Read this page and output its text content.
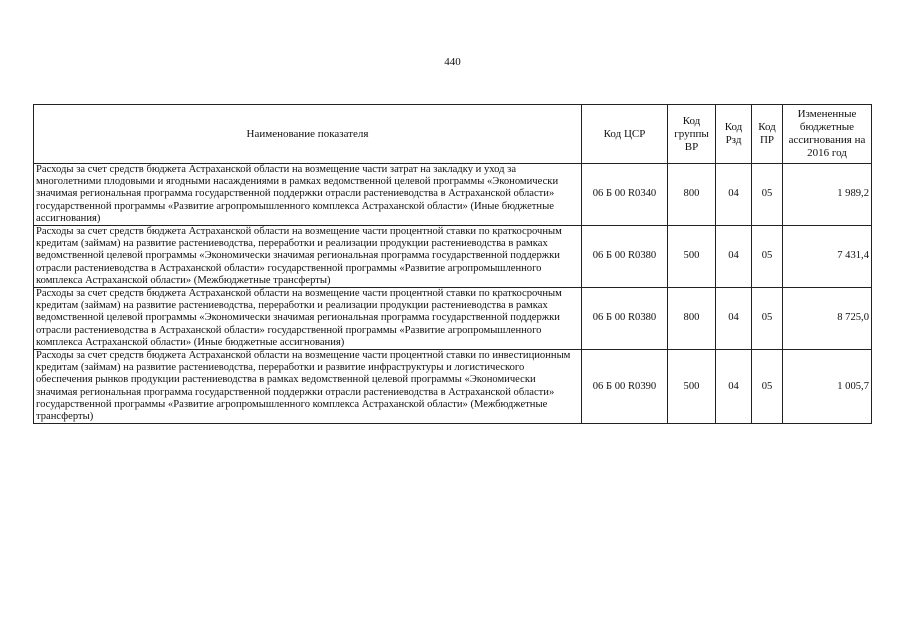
440
Наименование показателя	Код ЦСР	Код группы ВР	Код Рзд	Код ПР	Измененные бюджетные ассигнования на 2016 год
Расходы за счет средств бюджета Астраханской области на возмещение части затрат на закладку и уход за многолетними плодовыми и ягодными насаждениями в рамках ведомственной целевой программы «Экономически значимая региональная программа государственной поддержки отрасли растениеводства в Астраханской области» государственной программы «Развитие агропромышленного комплекса Астраханской области» (Иные бюджетные ассигнования)	06 Б 00 R0340	800	04	05	1 989,2
Расходы за счет средств бюджета Астраханской области на возмещение части процентной ставки по краткосрочным кредитам (займам) на развитие растениеводства, переработки и реализации продукции растениеводства в рамках ведомственной целевой программы «Экономически значимая региональная программа государственной поддержки отрасли растениеводства в Астраханской области» государственной программы «Развитие агропромышленного комплекса Астраханской области» (Межбюджетные трансферты)	06 Б 00 R0380	500	04	05	7 431,4
Расходы за счет средств бюджета Астраханской области на возмещение части процентной ставки по краткосрочным кредитам (займам) на развитие растениеводства, переработки и реализации продукции растениеводства в рамках ведомственной целевой программы «Экономически значимая региональная программа государственной поддержки отрасли растениеводства в Астраханской области» государственной программы «Развитие агропромышленного комплекса Астраханской области» (Иные бюджетные ассигнования)	06 Б 00 R0380	800	04	05	8 725,0
Расходы за счет средств бюджета Астраханской области на возмещение части процентной ставки по инвестиционным кредитам (займам) на развитие растениеводства, переработки и развитие инфраструктуры и логистического обеспечения рынков продукции растениеводства в рамках ведомственной целевой программы «Экономически значимая региональная программа государственной поддержки отрасли растениеводства в Астраханской области» государственной программы «Развитие агропромышленного комплекса Астраханской области» (Межбюджетные трансферты)	06 Б 00 R0390	500	04	05	1 005,7
